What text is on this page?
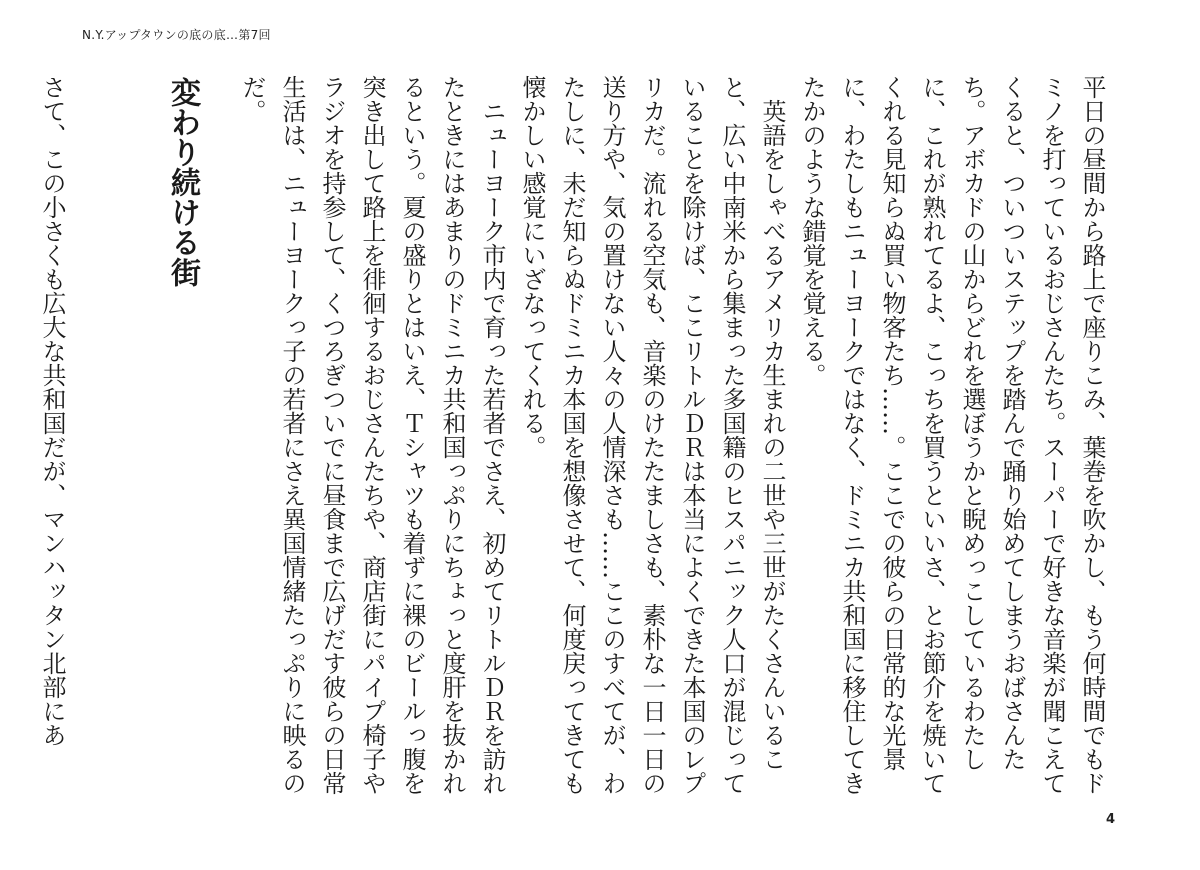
N.Y.アップタウンの底の底…第7回

平日の昼間から路上で座りこみ、葉巻を吹かし、もう何時間でもドミノを打っているおじさんたち。スーパーで好きな音楽が聞こえてくると、ついついステップを踏んで踊り始めてしまうおばさんたち。アボカドの山からどれを選ぼうかと睨めっこしているわたしに、これが熟れてるよ、こっちを買うといいさ、とお節介を焼いてくれる見知らぬ買い物客たち……。ここでの彼らの日常的な光景に、わたしもニューヨークではなく、ドミニカ共和国に移住してきたかのような錯覚を覚える。

英語をしゃべるアメリカ生まれの二世や三世がたくさんいること、広い中南米から集まった多国籍のヒスパニック人口が混じっていることを除けば、ここリトルＤＲは本当によくできた本国のレプリカだ。流れる空気も、音楽のけたたましさも、素朴な一日一日の送り方や、気の置けない人々の人情深さも……ここのすべてが、わたしに、未だ知らぬドミニカ本国を想像させて、何度戻ってきても懐かしい感覚にいざなってくれる。

ニューヨーク市内で育った若者でさえ、初めてリトルＤＲを訪れたときにはあまりのドミニカ共和国っぷりにちょっと度肝を抜かれるという。夏の盛りとはいえ、Ｔシャツも着ずに裸のビールっ腹を突き出して路上を徘徊するおじさんたちや、商店街にパイプ椅子やラジオを持参して、くつろぎついでに昼食まで広げだす彼らの日常生活は、ニューヨークっ子の若者にさえ異国情緒たっぷりに映るのだ。

変わり続ける街

さて、この小さくも広大な共和国だが、マンハッタン北部にあ

4
